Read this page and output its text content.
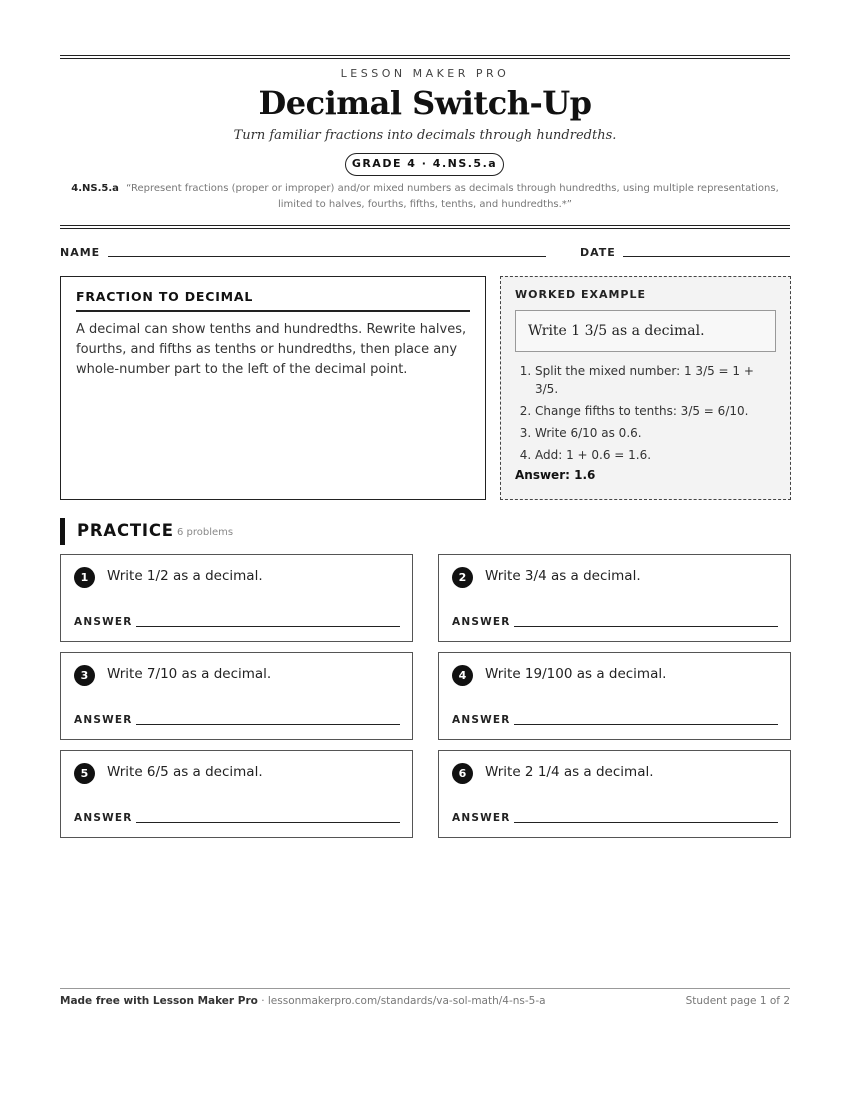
LESSON MAKER PRO
Decimal Switch-Up
Turn familiar fractions into decimals through hundredths.
GRADE 4 · 4.NS.5.a
4.NS.5.a “Represent fractions (proper or improper) and/or mixed numbers as decimals through hundredths, using multiple representations, limited to halves, fourths, fifths, tenths, and hundredths.*”
NAME	DATE
FRACTION TO DECIMAL

A decimal can show tenths and hundredths. Rewrite halves, fourths, and fifths as tenths or hundredths, then place any whole-number part to the left of the decimal point.

WORKED EXAMPLE
Write 1 3/5 as a decimal.
1. Split the mixed number: 1 3/5 = 1 + 3/5.
2. Change fifths to tenths: 3/5 = 6/10.
3. Write 6/10 as 0.6.
4. Add: 1 + 0.6 = 1.6.
Answer: 1.6
PRACTICE 6 problems
1	Write 1/2 as a decimal.
ANSWER
2	Write 3/4 as a decimal.
ANSWER
3	Write 7/10 as a decimal.
ANSWER
4	Write 19/100 as a decimal.
ANSWER
5	Write 6/5 as a decimal.
ANSWER
6	Write 2 1/4 as a decimal.
ANSWER
Made free with Lesson Maker Pro · lessonmakerpro.com/standards/va-sol-math/4-ns-5-a	Student page 1 of 2
